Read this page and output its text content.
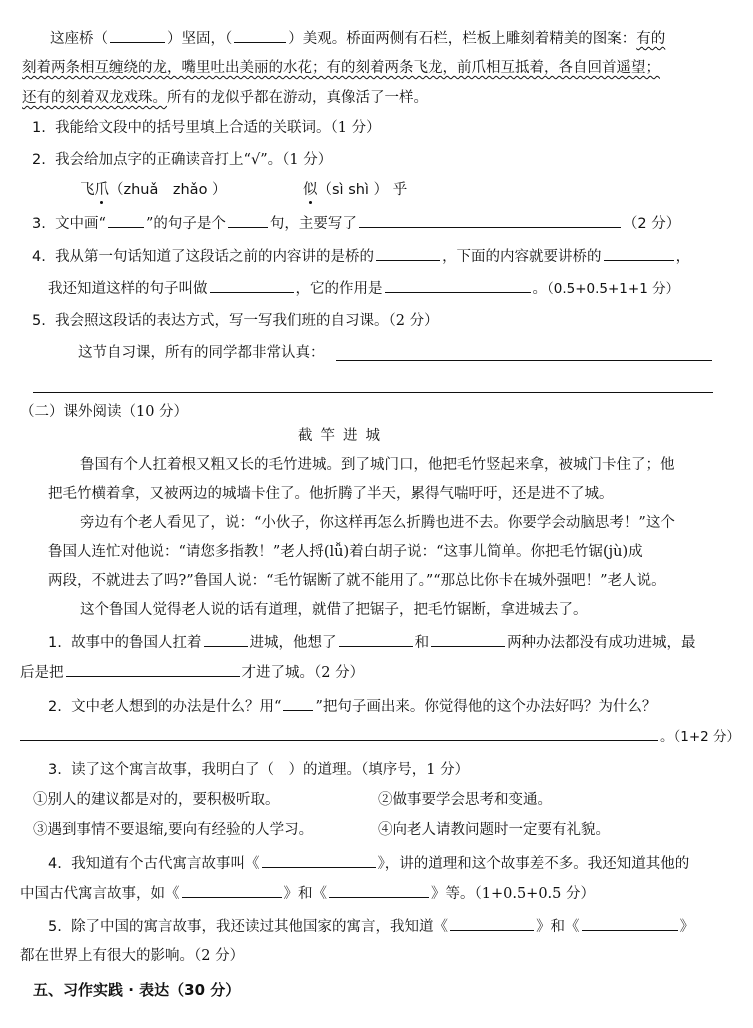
这座桥（	）坚固，（	）美观。桥面两侧有石栏，栏板上雕刻着精美的图案：有的
刻着两条相互缠绕的龙，嘴里吐出美丽的水花；有的刻着两条飞龙，前爪相互抵着，各自回首遥望；
还有的刻着双龙戏珠。所有的龙似乎都在游动，真像活了一样。
1. 我能给文段中的括号里填上合适的关联词。（1 分）
2. 我会给加点字的正确读音打上“√”。（1 分）
飞爪（zhuǎ　zhǎo ）	似（sì shì ） 乎
3. 文中画“	”的句子是个	句，主要写了	（2 分）
4. 我从第一句话知道了这段话之前的内容讲的是桥的	，下面的内容就要讲桥的	，
我还知道这样的句子叫做	，它的作用是	。（0.5+0.5+1+1 分）
5. 我会照这段话的表达方式，写一写我们班的自习课。（2 分）
这节自习课，所有的同学都非常认真：
（二）课外阅读（10 分）
截竿进城
鲁国有个人扛着根又粗又长的毛竹进城。到了城门口，他把毛竹竖起来拿，被城门卡住了；他
把毛竹横着拿，又被两边的城墙卡住了。他折腾了半天，累得气喘吁吁，还是进不了城。
旁边有个老人看见了，说：“小伙子，你这样再怎么折腾也进不去。你要学会动脑思考！”这个
鲁国人连忙对他说：“请您多指教！”老人捋(lǚ)着白胡子说：“这事儿简单。你把毛竹锯(jù)成
两段，不就进去了吗?”鲁国人说：“毛竹锯断了就不能用了。”“那总比你卡在城外强吧！”老人说。
这个鲁国人觉得老人说的话有道理，就借了把锯子，把毛竹锯断，拿进城去了。
1. 故事中的鲁国人扛着	进城，他想了	和	两种办法都没有成功进城，最
后是把	才进了城。（2 分）
2. 文中老人想到的办法是什么？用“ ”把句子画出来。你觉得他的这个办法好吗？为什么？
。（1+2 分）
3. 读了这个寓言故事，我明白了（　）的道理。（填序号，1 分）
①别人的建议都是对的，要积极听取。	②做事要学会思考和变通。
③遇到事情不要退缩,要向有经验的人学习。	④向老人请教问题时一定要有礼貌。
4. 我知道有个古代寓言故事叫《	》，讲的道理和这个故事差不多。我还知道其他的
中国古代寓言故事，如《	》和《	》等。（1+0.5+0.5 分）
5. 除了中国的寓言故事，我还读过其他国家的寓言，我知道《	》和《	》
都在世界上有很大的影响。（2 分）
五、习作实践 · 表达（30 分）
